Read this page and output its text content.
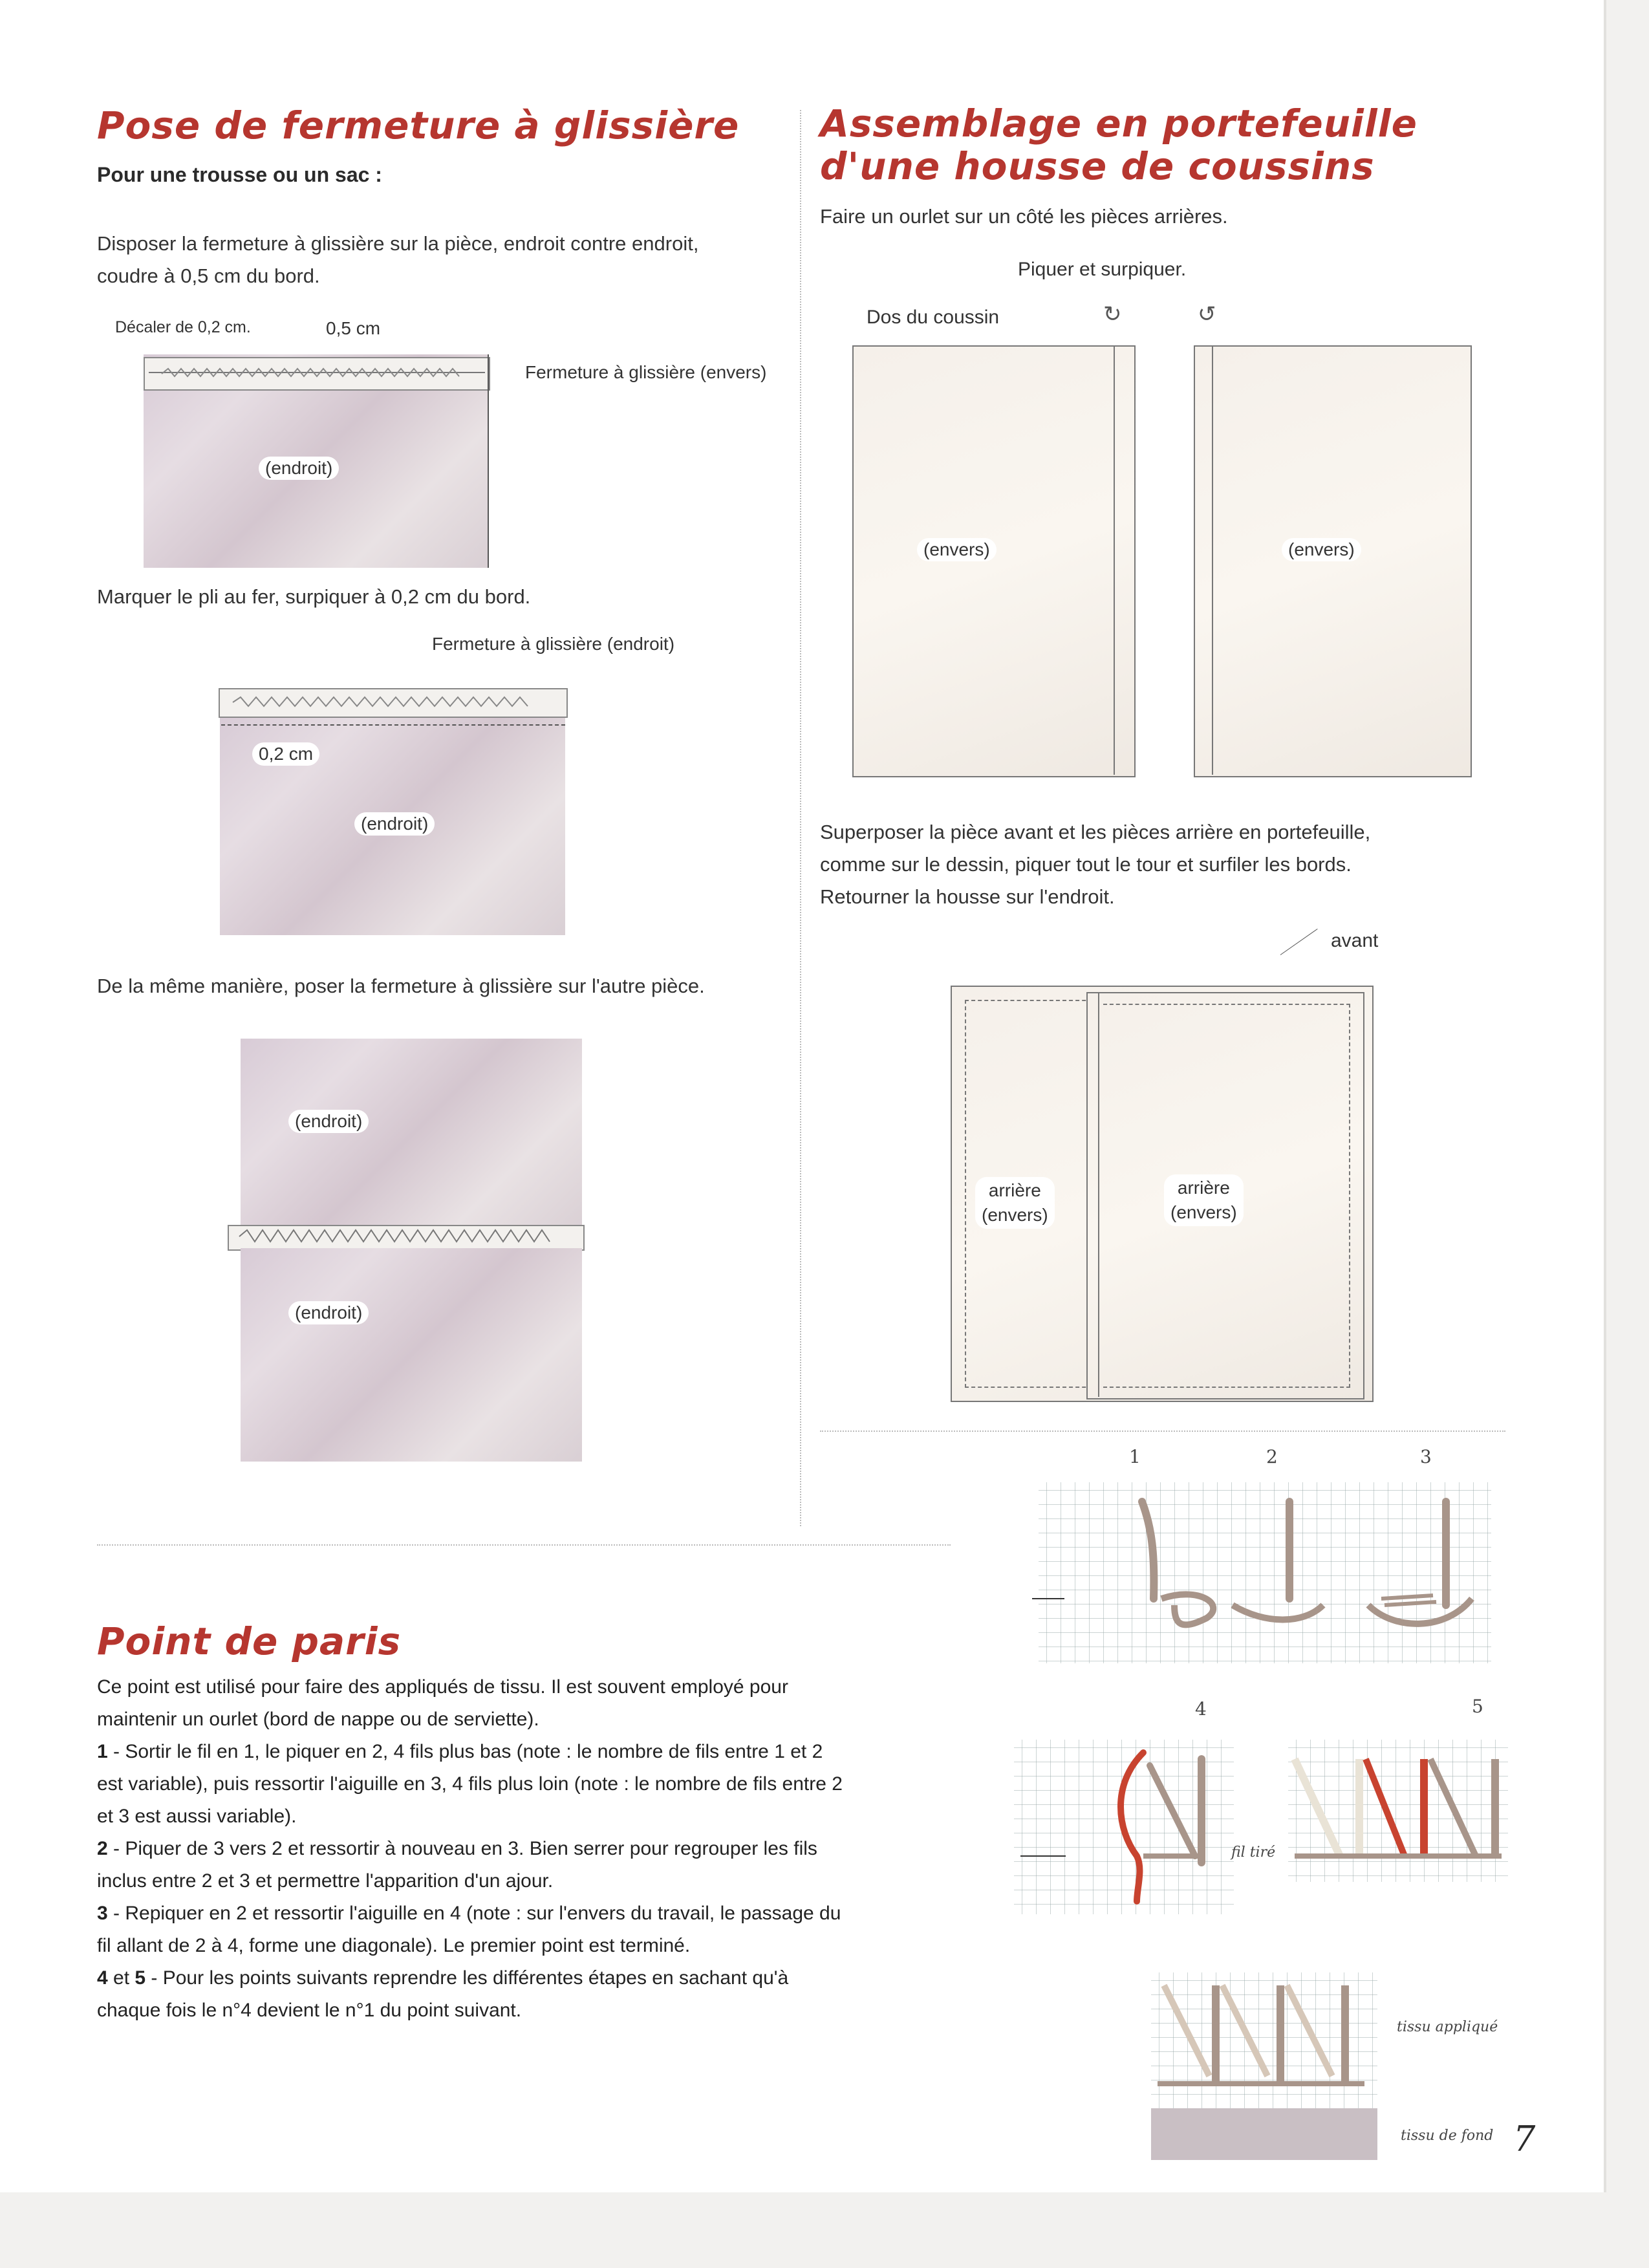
Pose de fermeture à glissière
Pour une trousse ou un sac :
Disposer la fermeture à glissière sur la pièce, endroit contre endroit,
coudre à 0,5 cm du bord.
Décaler de 0,2 cm.	0,5 cm
Fermeture à glissière (envers)
(endroit)
Marquer le pli au fer, surpiquer à 0,2 cm du bord.
Fermeture à glissière (endroit)
0,2 cm
(endroit)
De la même manière, poser la fermeture à glissière sur l'autre pièce.
(endroit)
(endroit)
Assemblage en portefeuille
d'une housse de coussins
Faire un ourlet sur un côté les pièces arrières.
Piquer et surpiquer.
Dos du coussin	↻	↺
(envers)	(envers)
Superposer la pièce avant et les pièces arrière en portefeuille,
comme sur le dessin, piquer tout le tour et surfiler les bords.
Retourner la housse sur l'endroit.
avant
arrière
(envers)
arrière
(envers)
Point de paris
Ce point est utilisé pour faire des appliqués de tissu. Il est souvent employé pour
maintenir un ourlet (bord de nappe ou de serviette).
1 - Sortir le fil en 1, le piquer en 2, 4 fils plus bas (note : le nombre de fils entre 1 et 2
est variable), puis ressortir l'aiguille en 3, 4 fils plus loin (note : le nombre de fils entre 2
et 3 est aussi variable).
2 - Piquer de 3 vers 2 et ressortir à nouveau en 3. Bien serrer pour regrouper les fils
inclus entre 2 et 3 et permettre l'apparition d'un ajour.
3 - Repiquer en 2 et ressortir l'aiguille en 4 (note : sur l'envers du travail, le passage du
fil allant de 2 à 4, forme une diagonale). Le premier point est terminé.
4 et 5 - Pour les points suivants reprendre les différentes étapes en sachant qu'à
chaque fois le n°4 devient le n°1 du point suivant.
1	2	3
4	5
fil tiré
tissu appliqué
tissu de fond 7
